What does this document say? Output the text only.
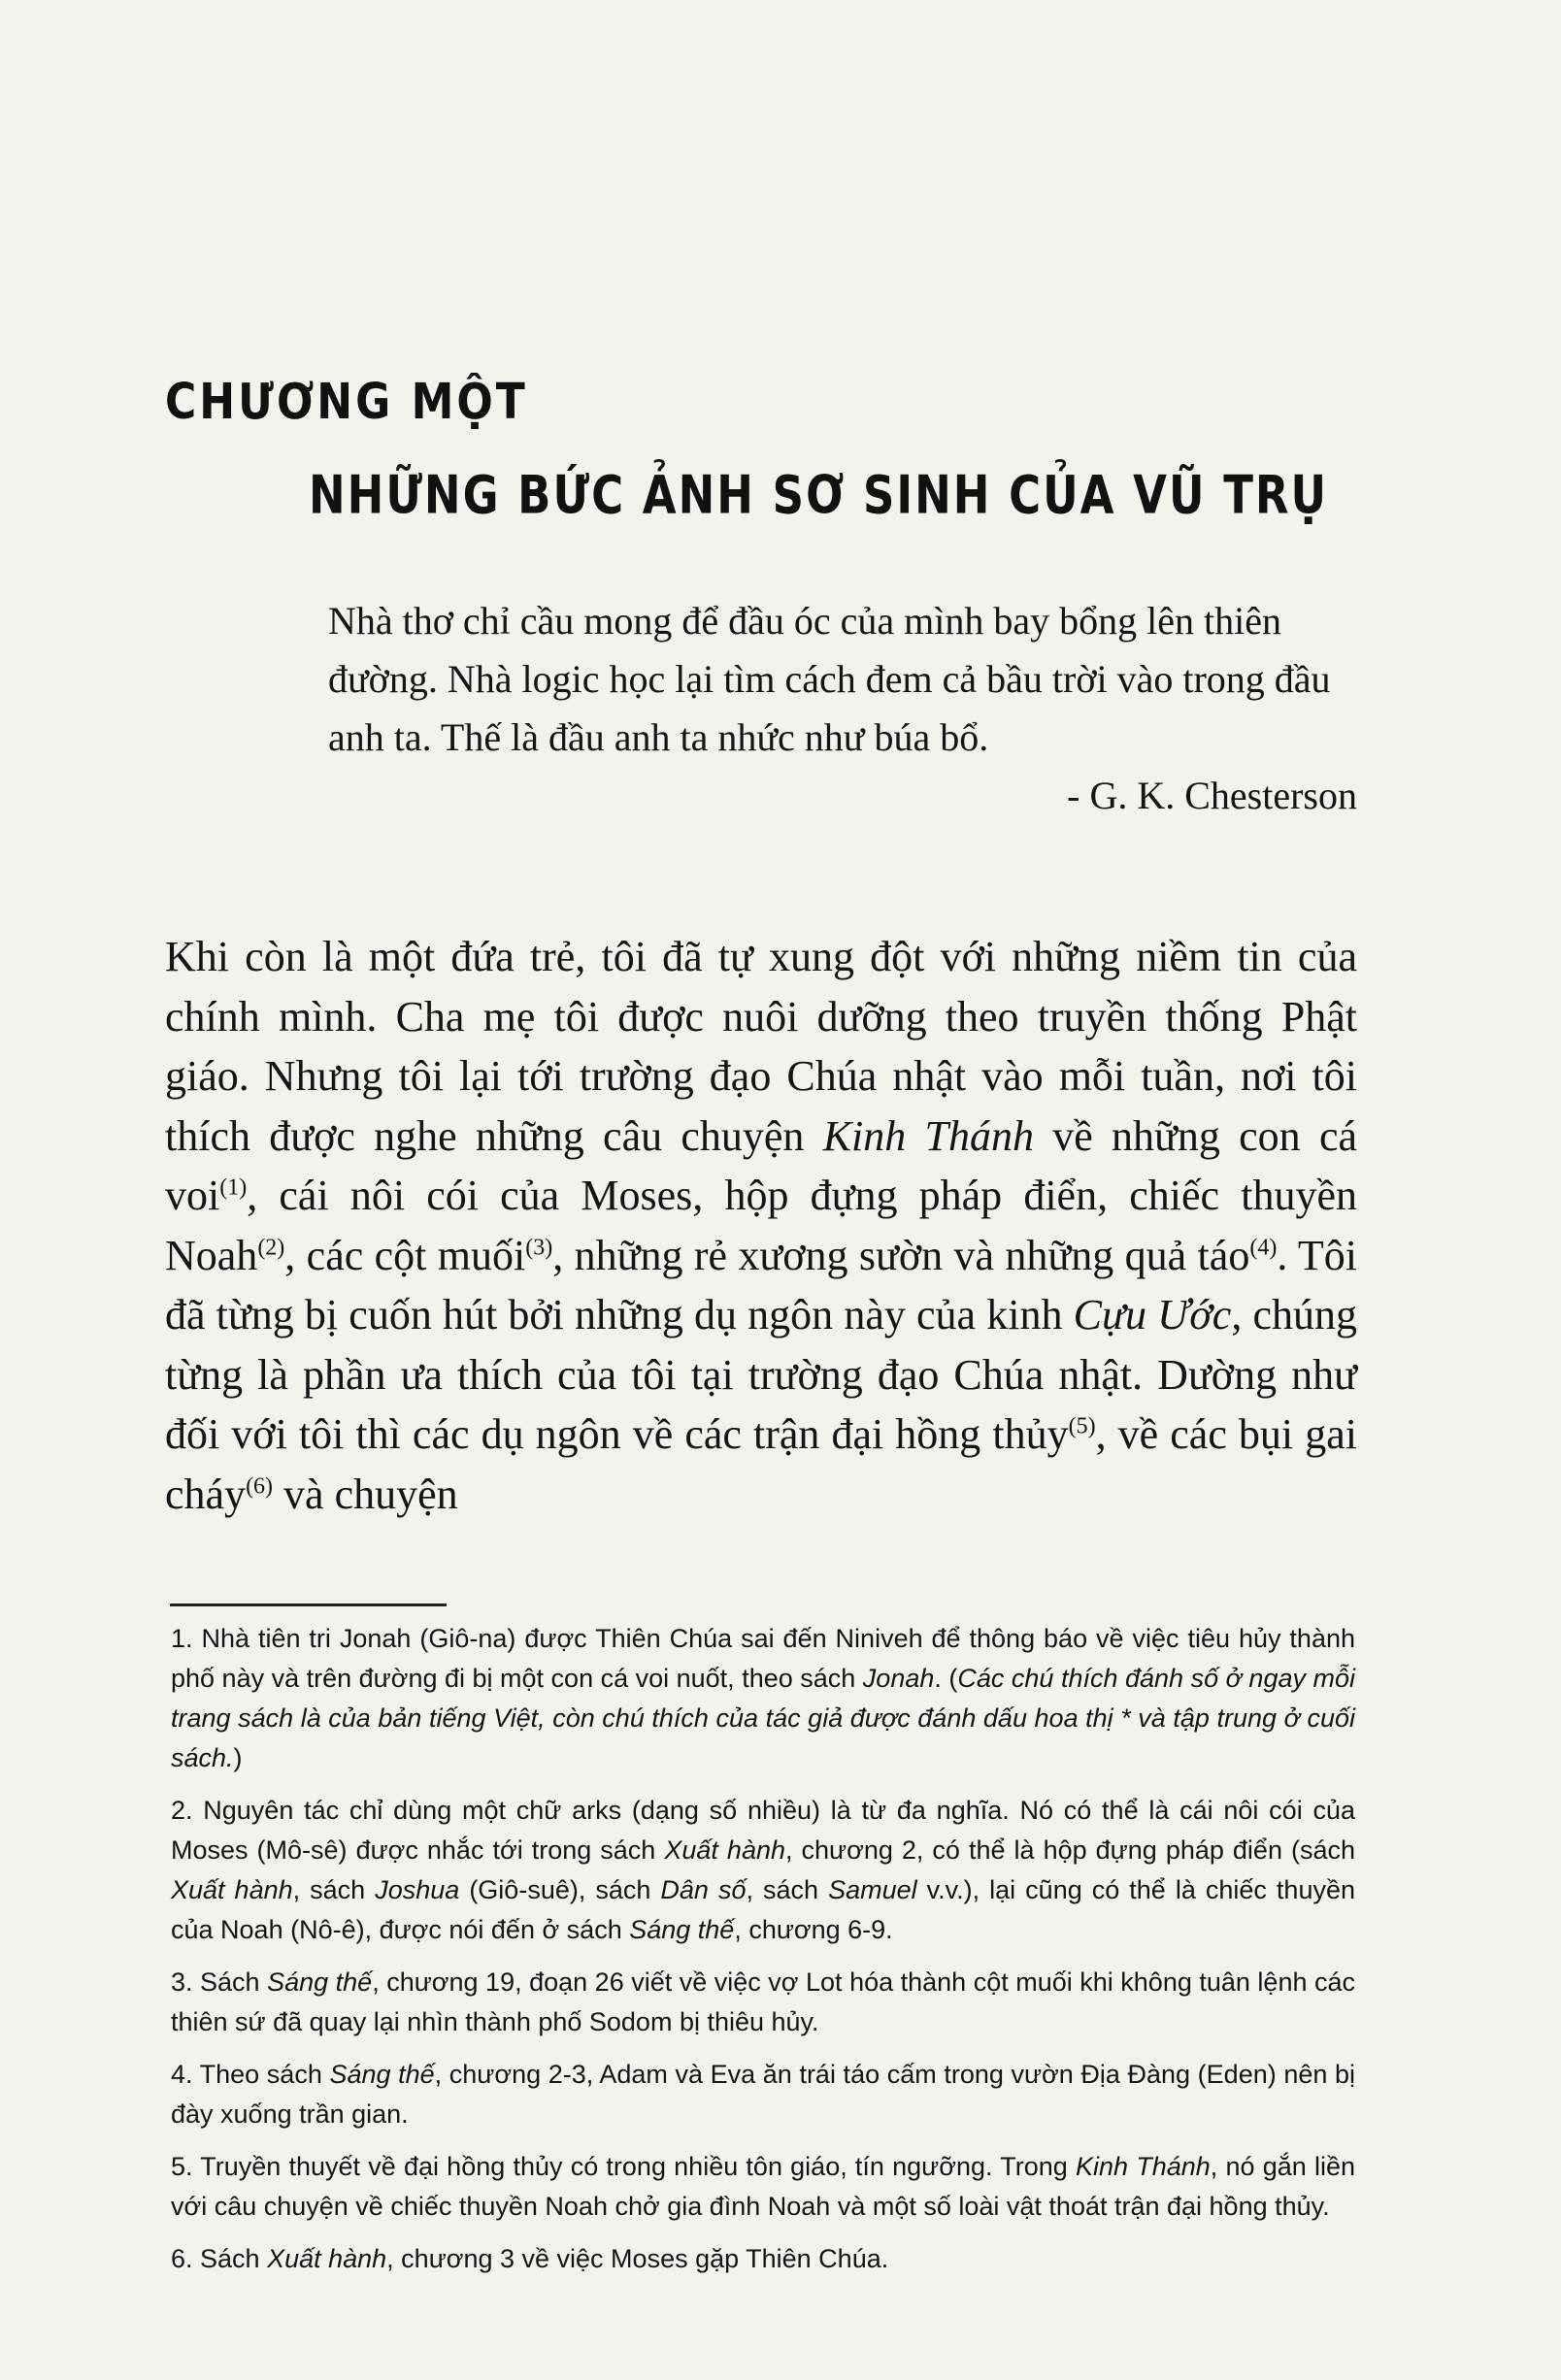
CHƯƠNG MỘT
NHỮNG BỨC ẢNH SƠ SINH CỦA VŨ TRỤ

Nhà thơ chỉ cầu mong để đầu óc của mình bay bổng lên thiên đường. Nhà logic học lại tìm cách đem cả bầu trời vào trong đầu anh ta. Thế là đầu anh ta nhức như búa bổ.

- G. K. Chesterson

Khi còn là một đứa trẻ, tôi đã tự xung đột với những niềm tin của chính mình. Cha mẹ tôi được nuôi dưỡng theo truyền thống Phật giáo. Nhưng tôi lại tới trường đạo Chúa nhật vào mỗi tuần, nơi tôi thích được nghe những câu chuyện Kinh Thánh về những con cá voi$^{(1)}$, cái nôi cói của Moses, hộp đựng pháp điển, chiếc thuyền Noah$^{(2)}$, các cột muối$^{(3)}$, những rẻ xương sườn và những quả táo$^{(4)}$. Tôi đã từng bị cuốn hút bởi những dụ ngôn này của kinh Cựu Ước, chúng từng là phần ưa thích của tôi tại trường đạo Chúa nhật. Dường như đối với tôi thì các dụ ngôn về các trận đại hồng thủy$^{(5)}$, về các bụi gai cháy$^{(6)}$ và chuyện

1. Nhà tiên tri Jonah (Giô-na) được Thiên Chúa sai đến Niniveh để thông báo về việc tiêu hủy thành phố này và trên đường đi bị một con cá voi nuốt, theo sách Jonah. (Các chú thích đánh số ở ngay mỗi trang sách là của bản tiếng Việt, còn chú thích của tác giả được đánh dấu hoa thị * và tập trung ở cuối sách.)

2. Nguyên tác chỉ dùng một chữ arks (dạng số nhiều) là từ đa nghĩa. Nó có thể là cái nôi cói của Moses (Mô-sê) được nhắc tới trong sách Xuất hành, chương 2, có thể là hộp đựng pháp điển (sách Xuất hành, sách Joshua (Giô-suê), sách Dân số, sách Samuel v.v.), lại cũng có thể là chiếc thuyền của Noah (Nô-ê), được nói đến ở sách Sáng thế, chương 6-9.

3. Sách Sáng thế, chương 19, đoạn 26 viết về việc vợ Lot hóa thành cột muối khi không tuân lệnh các thiên sứ đã quay lại nhìn thành phố Sodom bị thiêu hủy.

4. Theo sách Sáng thế, chương 2-3, Adam và Eva ăn trái táo cấm trong vườn Địa Đàng (Eden) nên bị đày xuống trần gian.

5. Truyền thuyết về đại hồng thủy có trong nhiều tôn giáo, tín ngưỡng. Trong Kinh Thánh, nó gắn liền với câu chuyện về chiếc thuyền Noah chở gia đình Noah và một số loài vật thoát trận đại hồng thủy.

6. Sách Xuất hành, chương 3 về việc Moses gặp Thiên Chúa.
